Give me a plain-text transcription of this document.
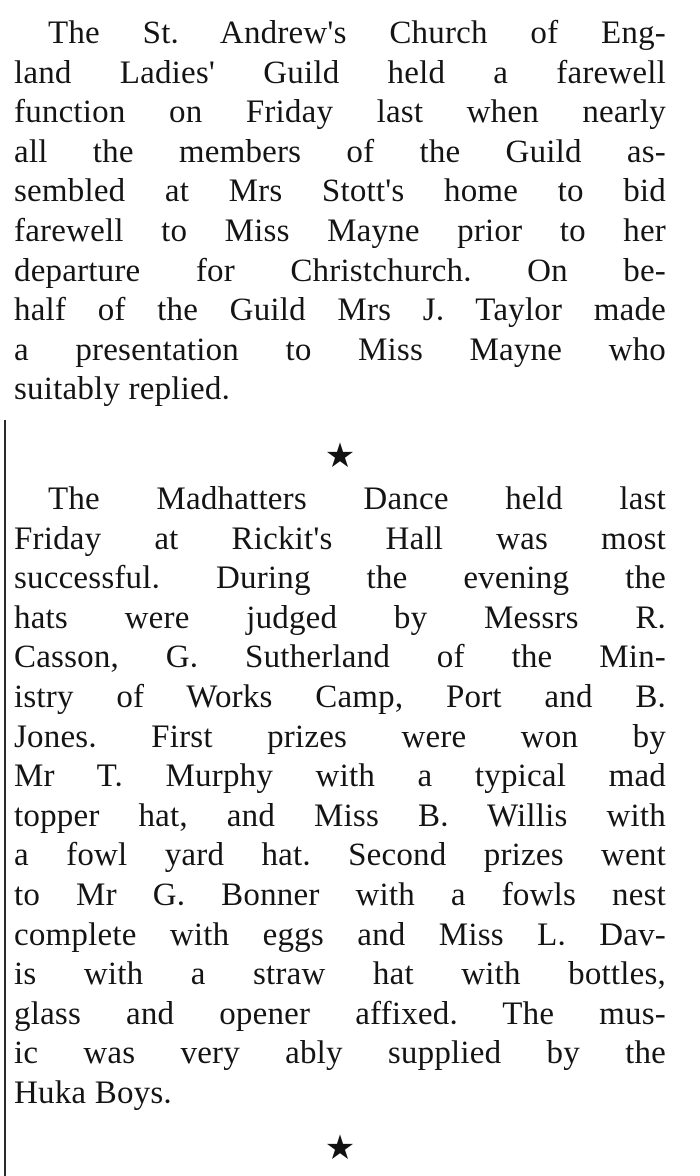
The St. Andrew's Church of Eng-
land Ladies' Guild held a farewell
function on Friday last when nearly
all the members of the Guild as-
sembled at Mrs Stott's home to bid
farewell to Miss Mayne prior to her
departure for Christchurch. On be-
half of the Guild Mrs J. Taylor made
a presentation to Miss Mayne who
suitably replied.

★

The Madhatters Dance held last
Friday at Rickit's Hall was most
successful. During the evening the
hats were judged by Messrs R.
Casson, G. Sutherland of the Min-
istry of Works Camp, Port and B.
Jones. First prizes were won by
Mr T. Murphy with a typical mad
topper hat, and Miss B. Willis with
a fowl yard hat. Second prizes went
to Mr G. Bonner with a fowls nest
complete with eggs and Miss L. Dav-
is with a straw hat with bottles,
glass and opener affixed. The mus-
ic was very ably supplied by the
Huka Boys.

★
